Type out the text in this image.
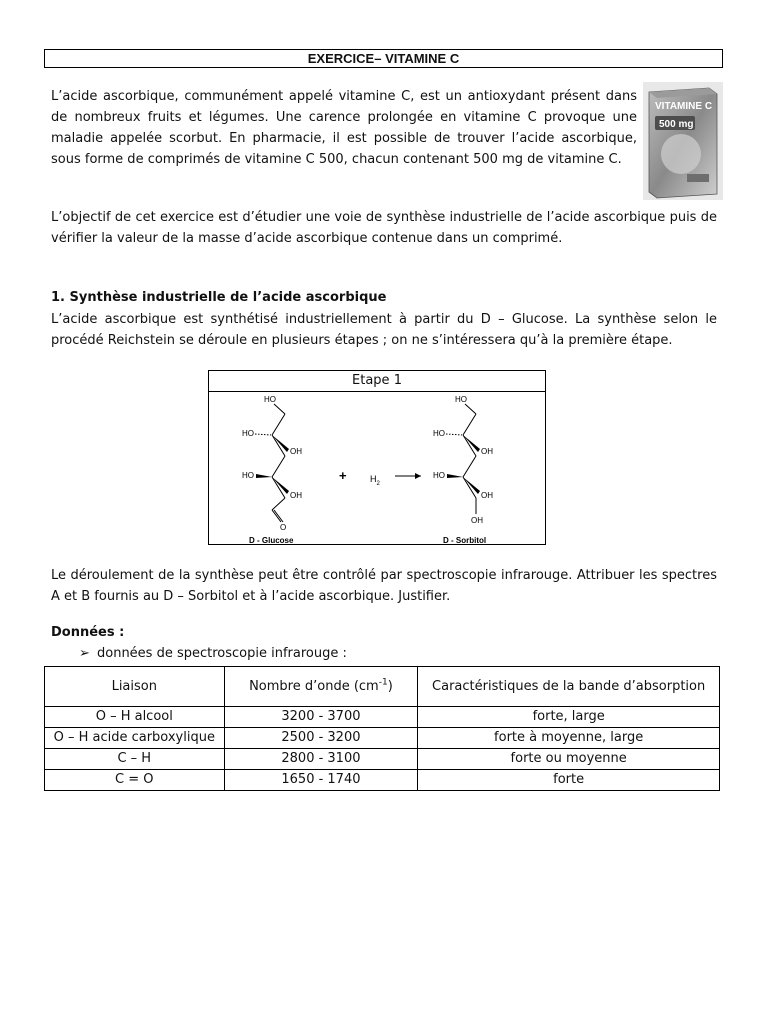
EXERCICE– VITAMINE C

L’acide ascorbique, communément appelé vitamine C, est un antioxydant présent dans de nombreux fruits et légumes. Une carence prolongée en vitamine C provoque une maladie appelée scorbut. En pharmacie, il est possible de trouver l’acide ascorbique, sous forme de comprimés de vitamine C 500, chacun contenant 500 mg de vitamine C.

VITAMINE C
500 mg

L’objectif de cet exercice est d’étudier une voie de synthèse industrielle de l’acide ascorbique puis de vérifier la valeur de la masse d’acide ascorbique contenue dans un comprimé.

1. Synthèse industrielle de l’acide ascorbique

L’acide ascorbique est synthétisé industriellement à partir du D – Glucose. La synthèse selon le procédé Reichstein se déroule en plusieurs étapes ; on ne s’intéressera qu’à la première étape.

Etape 1
HO
O
HO
OH
HO
OH
D - Glucose
+	$H_2$
HO
OH
HO
OH
HO
OH
D - Sorbitol

Le déroulement de la synthèse peut être contrôlé par spectroscopie infrarouge. Attribuer les spectres A et B fournis au D – Sorbitol et à l’acide ascorbique. Justifier.

Données :
➢ données de spectroscopie infrarouge :
Liaison	Nombre d’onde $(cm^{-1})$	Caractéristiques de la bande d’absorption
O – H alcool	3200 - 3700	forte, large
O – H acide carboxylique	2500 - 3200	forte à moyenne, large
C – H	2800 - 3100	forte ou moyenne
C = O	1650 - 1740	forte
